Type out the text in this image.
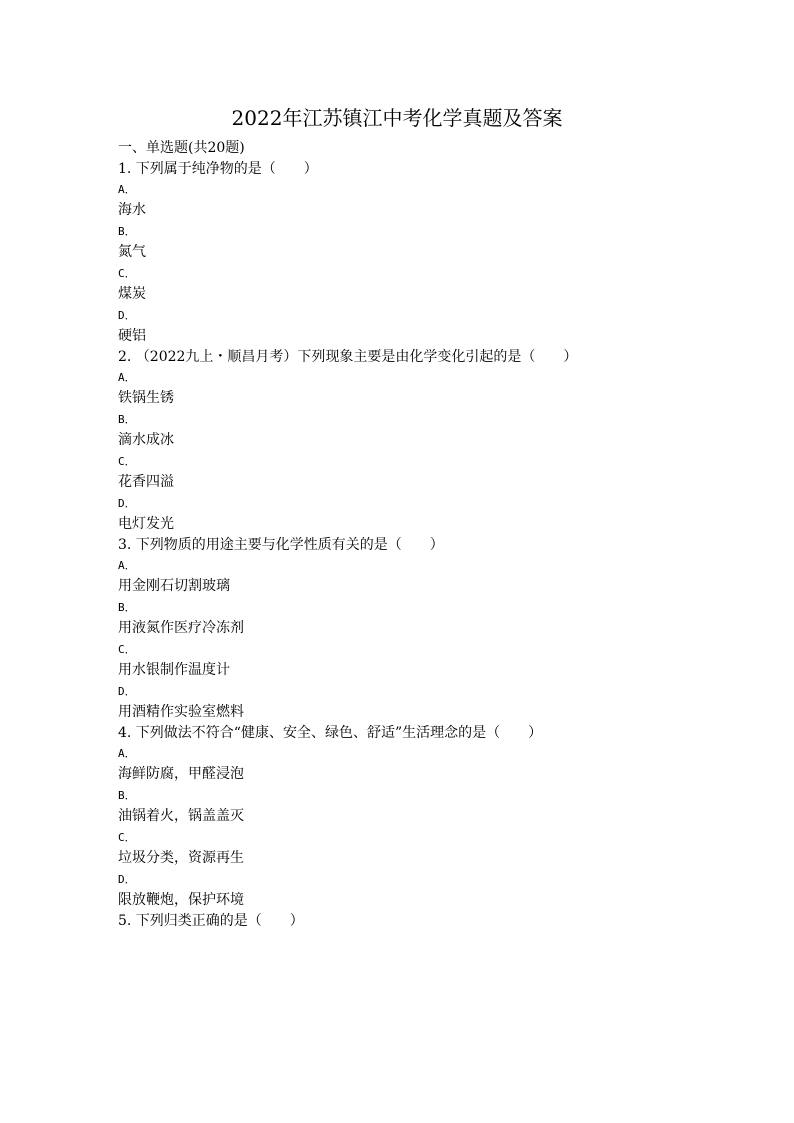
2022年江苏镇江中考化学真题及答案

一、单选题(共20题)

1. 下列属于纯净物的是（　　）

A．

海水

B．

氮气

C．

煤炭

D．

硬铝

2. （2022九上・顺昌月考）下列现象主要是由化学变化引起的是（　　）

A．

铁锅生锈

B．

滴水成冰

C．

花香四溢

D．

电灯发光

3. 下列物质的用途主要与化学性质有关的是（　　）

A．

用金刚石切割玻璃

B．

用液氮作医疗冷冻剂

C．

用水银制作温度计

D．

用酒精作实验室燃料

4. 下列做法不符合“健康、安全、绿色、舒适”生活理念的是（　　）

A．

海鲜防腐，甲醛浸泡

B．

油锅着火，锅盖盖灭

C．

垃圾分类，资源再生

D．

限放鞭炮，保护环境

5. 下列归类正确的是（　　）
